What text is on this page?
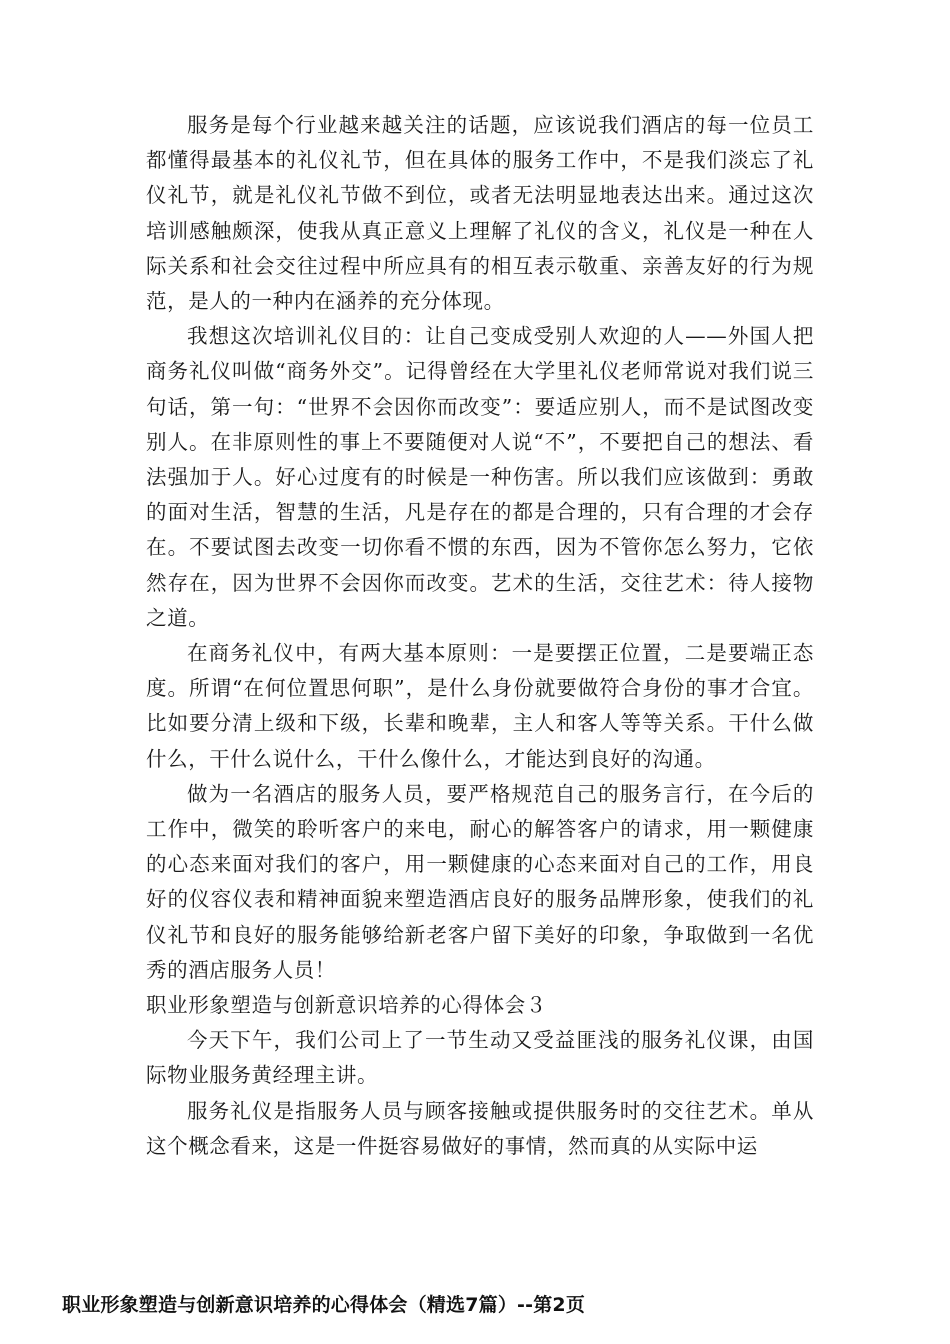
服务是每个行业越来越关注的话题，应该说我们酒店的每一位员工都懂得最基本的礼仪礼节，但在具体的服务工作中，不是我们淡忘了礼仪礼节，就是礼仪礼节做不到位，或者无法明显地表达出来。通过这次培训感触颇深，使我从真正意义上理解了礼仪的含义，礼仪是一种在人际关系和社会交往过程中所应具有的相互表示敬重、亲善友好的行为规范，是人的一种内在涵养的充分体现。

我想这次培训礼仪目的：让自己变成受别人欢迎的人——外国人把商务礼仪叫做“商务外交”。记得曾经在大学里礼仪老师常说对我们说三句话，第一句：“世界不会因你而改变”：要适应别人，而不是试图改变别人。在非原则性的事上不要随便对人说“不”，不要把自己的想法、看法强加于人。好心过度有的时候是一种伤害。所以我们应该做到：勇敢的面对生活，智慧的生活，凡是存在的都是合理的，只有合理的才会存在。不要试图去改变一切你看不惯的东西，因为不管你怎么努力，它依然存在，因为世界不会因你而改变。艺术的生活，交往艺术：待人接物之道。

在商务礼仪中，有两大基本原则：一是要摆正位置，二是要端正态度。所谓“在何位置思何职”，是什么身份就要做符合身份的事才合宜。比如要分清上级和下级，长辈和晚辈，主人和客人等等关系。干什么做什么，干什么说什么，干什么像什么，才能达到良好的沟通。

做为一名酒店的服务人员，要严格规范自己的服务言行，在今后的工作中，微笑的聆听客户的来电，耐心的解答客户的请求，用一颗健康的心态来面对我们的客户，用一颗健康的心态来面对自己的工作，用良好的仪容仪表和精神面貌来塑造酒店良好的服务品牌形象，使我们的礼仪礼节和良好的服务能够给新老客户留下美好的印象，争取做到一名优秀的酒店服务人员！

职业形象塑造与创新意识培养的心得体会３

今天下午，我们公司上了一节生动又受益匪浅的服务礼仪课，由国际物业服务黄经理主讲。

服务礼仪是指服务人员与顾客接触或提供服务时的交往艺术。单从这个概念看来，这是一件挺容易做好的事情，然而真的从实际中运

职业形象塑造与创新意识培养的心得体会（精选7篇）--第2页
